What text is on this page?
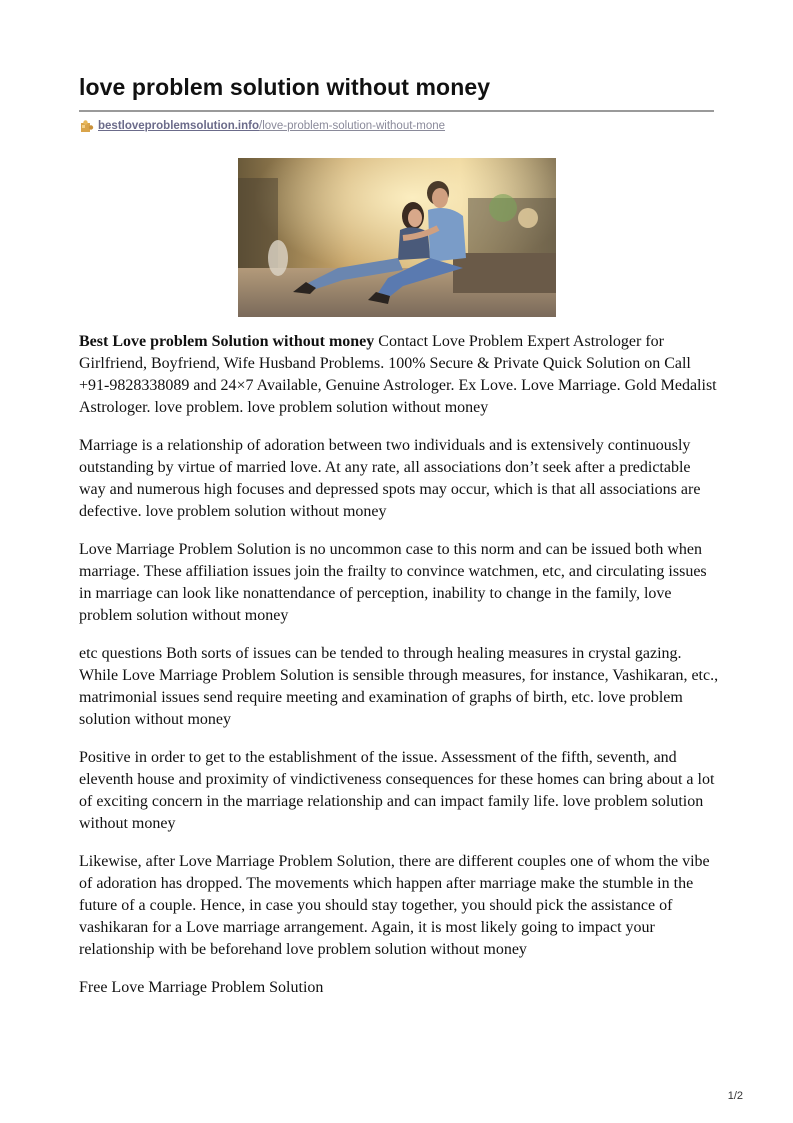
love problem solution without money
bestloveproblemsolution.info /love-problem-solution-without-mone

Best Love problem Solution without money Contact Love Problem Expert Astrologer for Girlfriend, Boyfriend, Wife Husband Problems. 100% Secure & Private Quick Solution on Call +91-9828338089 and 24×7 Available, Genuine Astrologer. Ex Love. Love Marriage. Gold Medalist Astrologer. love problem. love problem solution without money

Marriage is a relationship of adoration between two individuals and is extensively continuously outstanding by virtue of married love. At any rate, all associations don’t seek after a predictable way and numerous high focuses and depressed spots may occur, which is that all associations are defective. love problem solution without money

Love Marriage Problem Solution is no uncommon case to this norm and can be issued both when marriage. These affiliation issues join the frailty to convince watchmen, etc, and circulating issues in marriage can look like nonattendance of perception, inability to change in the family, love problem solution without money

etc questions Both sorts of issues can be tended to through healing measures in crystal gazing. While Love Marriage Problem Solution is sensible through measures, for instance, Vashikaran, etc., matrimonial issues send require meeting and examination of graphs of birth, etc. love problem solution without money

Positive in order to get to the establishment of the issue. Assessment of the fifth, seventh, and eleventh house and proximity of vindictiveness consequences for these homes can bring about a lot of exciting concern in the marriage relationship and can impact family life. love problem solution without money

Likewise, after Love Marriage Problem Solution, there are different couples one of whom the vibe of adoration has dropped. The movements which happen after marriage make the stumble in the future of a couple. Hence, in case you should stay together, you should pick the assistance of vashikaran for a Love marriage arrangement. Again, it is most likely going to impact your relationship with be beforehand love problem solution without money

Free Love Marriage Problem Solution

1/2
